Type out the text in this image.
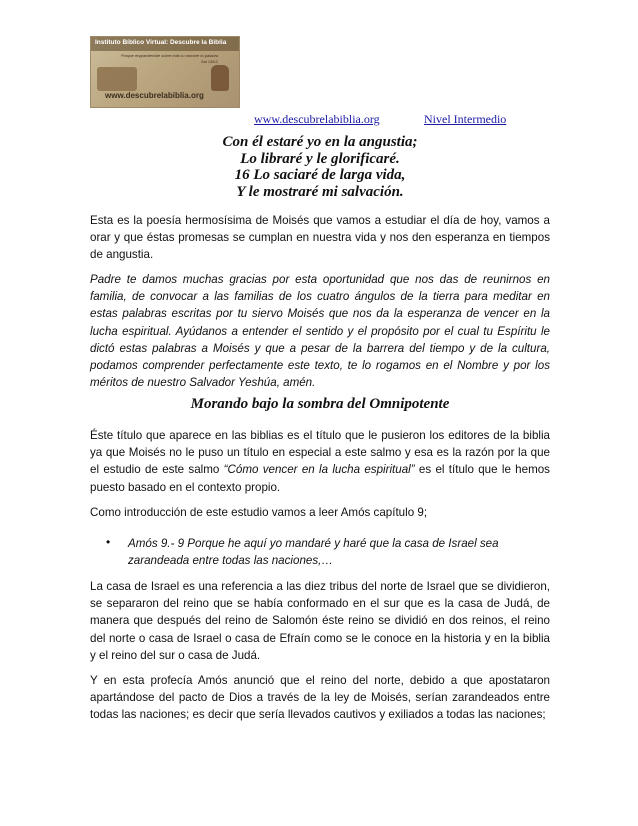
Instituto Bíblico Virtual: Descubre la Biblia
Porque engrandeciste sobre todo tu nombre tu palabra
Sal 138:2
www.descubrelabiblia.org
www.descubrelabiblia.org	Nivel Intermedio
Con él estaré yo en la angustia;
Lo libraré y le glorificaré.
16 Lo saciaré de larga vida,
Y le mostraré mi salvación.

Esta es la poesía hermosísima de Moisés que vamos a estudiar el día de hoy, vamos a orar y que éstas promesas se cumplan en nuestra vida y nos den esperanza en tiempos de angustia.

Padre te damos muchas gracias por esta oportunidad que nos das de reunirnos en familia, de convocar a las familias de los cuatro ángulos de la tierra para meditar en estas palabras escritas por tu siervo Moisés que nos da la esperanza de vencer en la lucha espiritual. Ayúdanos a entender el sentido y el propósito por el cual tu Espíritu le dictó estas palabras a Moisés y que a pesar de la barrera del tiempo y de la cultura, podamos comprender perfectamente este texto, te lo rogamos en el Nombre y por los méritos de nuestro Salvador Yeshúa, amén.

Morando bajo la sombra del Omnipotente

Éste título que aparece en las biblias es el título que le pusieron los editores de la biblia ya que Moisés no le puso un título en especial a este salmo y esa es la razón por la que el estudio de este salmo “Cómo vencer en la lucha espiritual” es el título que le hemos puesto basado en el contexto propio.

Como introducción de este estudio vamos a leer Amós capítulo 9;

• Amós 9.- 9 Porque he aquí yo mandaré y haré que la casa de Israel sea zarandeada entre todas las naciones,…

La casa de Israel es una referencia a las diez tribus del norte de Israel que se dividieron, se separaron del reino que se había conformado en el sur que es la casa de Judá, de manera que después del reino de Salomón éste reino se dividió en dos reinos, el reino del norte o casa de Israel o casa de Efraín como se le conoce en la historia y en la biblia y el reino del sur o casa de Judá.

Y en esta profecía Amós anunció que el reino del norte, debido a que apostataron apartándose del pacto de Dios a través de la ley de Moisés, serían zarandeados entre todas las naciones; es decir que sería llevados cautivos y exiliados a todas las naciones;
